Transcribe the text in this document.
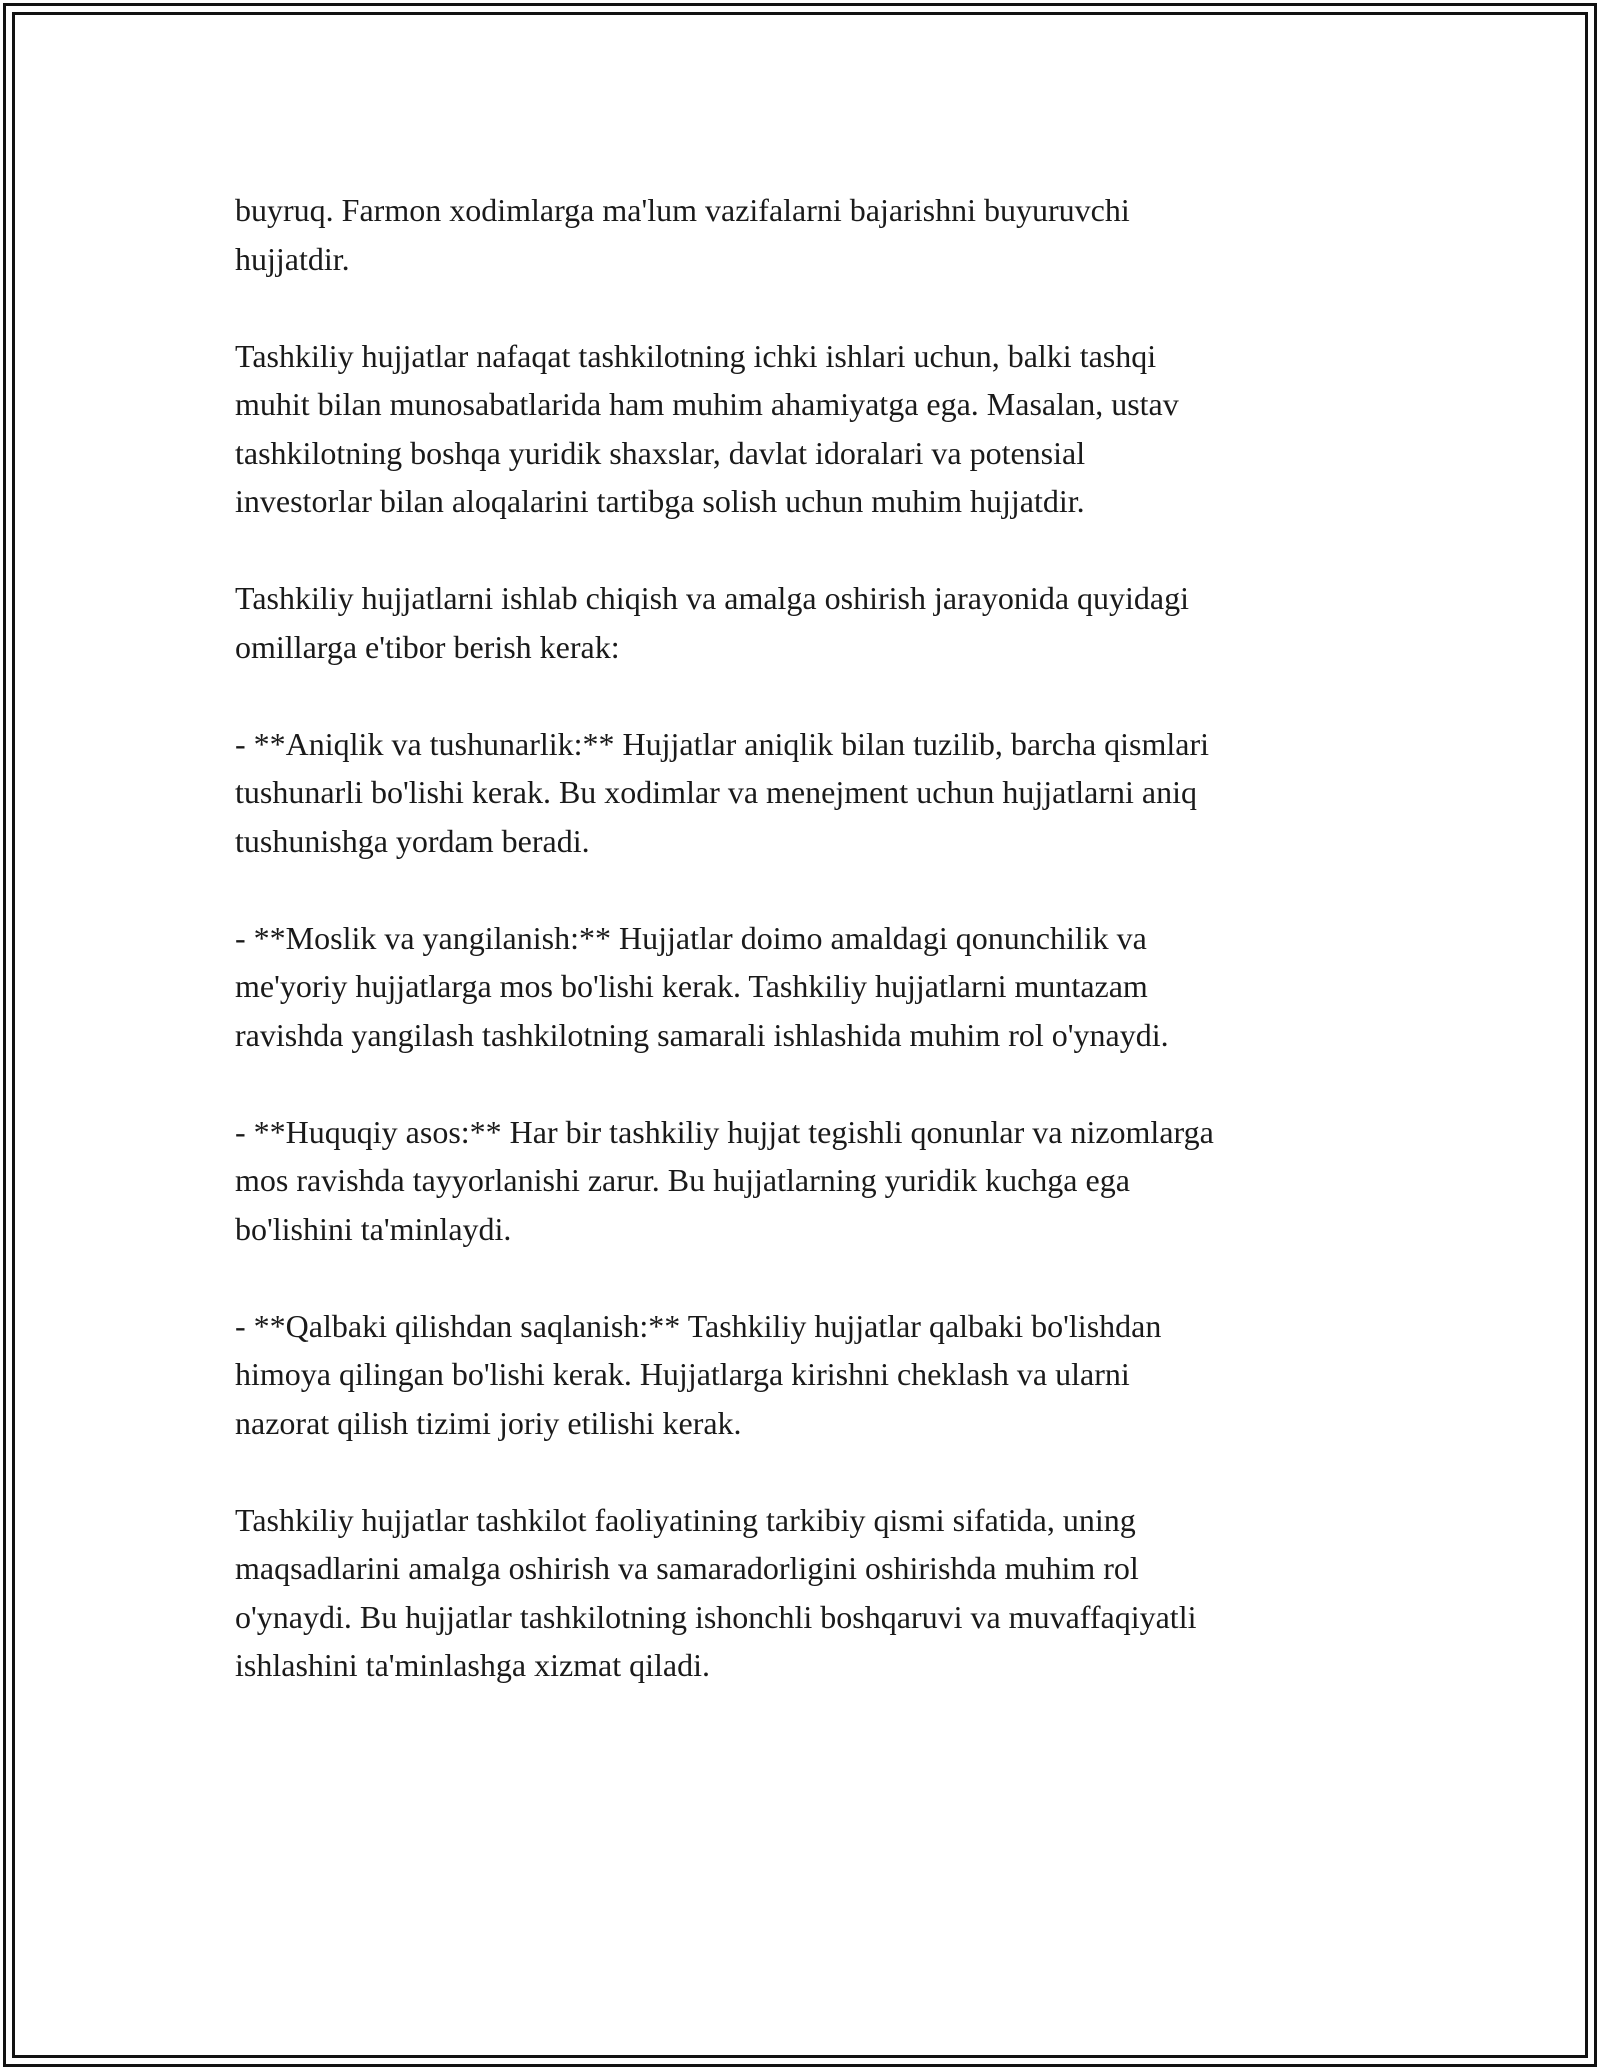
buyruq. Farmon xodimlarga ma'lum vazifalarni bajarishni buyuruvchi
hujjatdir.

Tashkiliy hujjatlar nafaqat tashkilotning ichki ishlari uchun, balki tashqi
muhit bilan munosabatlarida ham muhim ahamiyatga ega. Masalan, ustav
tashkilotning boshqa yuridik shaxslar, davlat idoralari va potensial
investorlar bilan aloqalarini tartibga solish uchun muhim hujjatdir.

Tashkiliy hujjatlarni ishlab chiqish va amalga oshirish jarayonida quyidagi
omillarga e'tibor berish kerak:

- **Aniqlik va tushunarlik:** Hujjatlar aniqlik bilan tuzilib, barcha qismlari
tushunarli bo'lishi kerak. Bu xodimlar va menejment uchun hujjatlarni aniq
tushunishga yordam beradi.

- **Moslik va yangilanish:** Hujjatlar doimo amaldagi qonunchilik va
me'yoriy hujjatlarga mos bo'lishi kerak. Tashkiliy hujjatlarni muntazam
ravishda yangilash tashkilotning samarali ishlashida muhim rol o'ynaydi.

- **Huquqiy asos:** Har bir tashkiliy hujjat tegishli qonunlar va nizomlarga
mos ravishda tayyorlanishi zarur. Bu hujjatlarning yuridik kuchga ega
bo'lishini ta'minlaydi.

- **Qalbaki qilishdan saqlanish:** Tashkiliy hujjatlar qalbaki bo'lishdan
himoya qilingan bo'lishi kerak. Hujjatlarga kirishni cheklash va ularni
nazorat qilish tizimi joriy etilishi kerak.

Tashkiliy hujjatlar tashkilot faoliyatining tarkibiy qismi sifatida, uning
maqsadlarini amalga oshirish va samaradorligini oshirishda muhim rol
o'ynaydi. Bu hujjatlar tashkilotning ishonchli boshqaruvi va muvaffaqiyatli
ishlashini ta'minlashga xizmat qiladi.
